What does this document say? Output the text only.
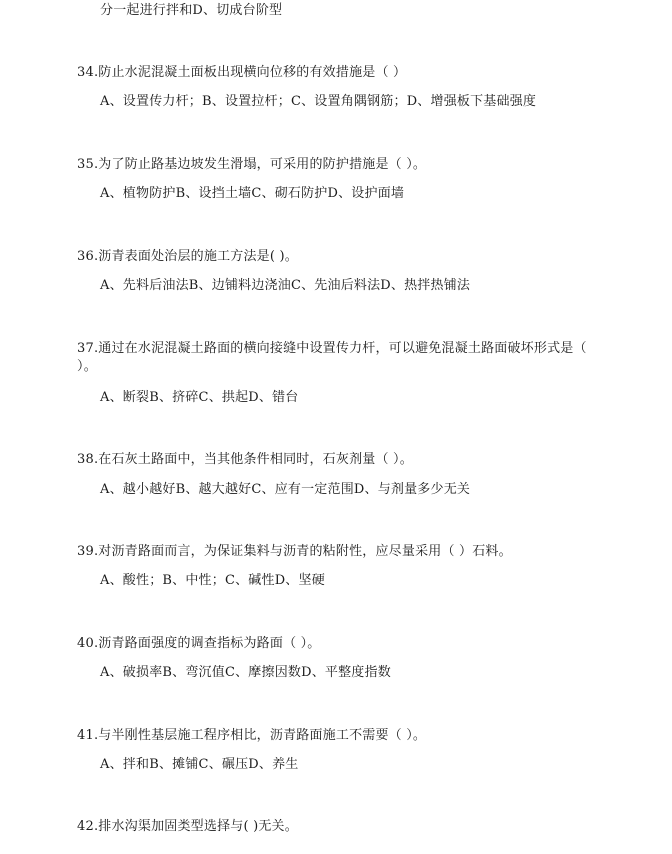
分一起进行拌和D、切成台阶型
34.防止水泥混凝土面板出现横向位移的有效措施是（ ）
A、设置传力杆；B、设置拉杆；C、设置角隅钢筋；D、增强板下基础强度
35.为了防止路基边坡发生滑塌，可采用的防护措施是（ ）。
A、植物防护B、设挡土墙C、砌石防护D、设护面墙
36.沥青表面处治层的施工方法是( )。
A、先料后油法B、边铺料边浇油C、先油后料法D、热拌热铺法
37.通过在水泥混凝土路面的横向接缝中设置传力杆，可以避免混凝土路面破坏形式是（ ）。
A、断裂B、挤碎C、拱起D、错台
38.在石灰土路面中，当其他条件相同时，石灰剂量（ ）。
A、越小越好B、越大越好C、应有一定范围D、与剂量多少无关
39.对沥青路面而言，为保证集料与沥青的粘附性，应尽量采用（ ）石料。
A、酸性；B、中性；C、碱性D、坚硬
40.沥青路面强度的调查指标为路面（ ）。
A、破损率B、弯沉值C、摩擦因数D、平整度指数
41.与半刚性基层施工程序相比，沥青路面施工不需要（ ）。
A、拌和B、摊铺C、碾压D、养生
42.排水沟渠加固类型选择与( )无关。
